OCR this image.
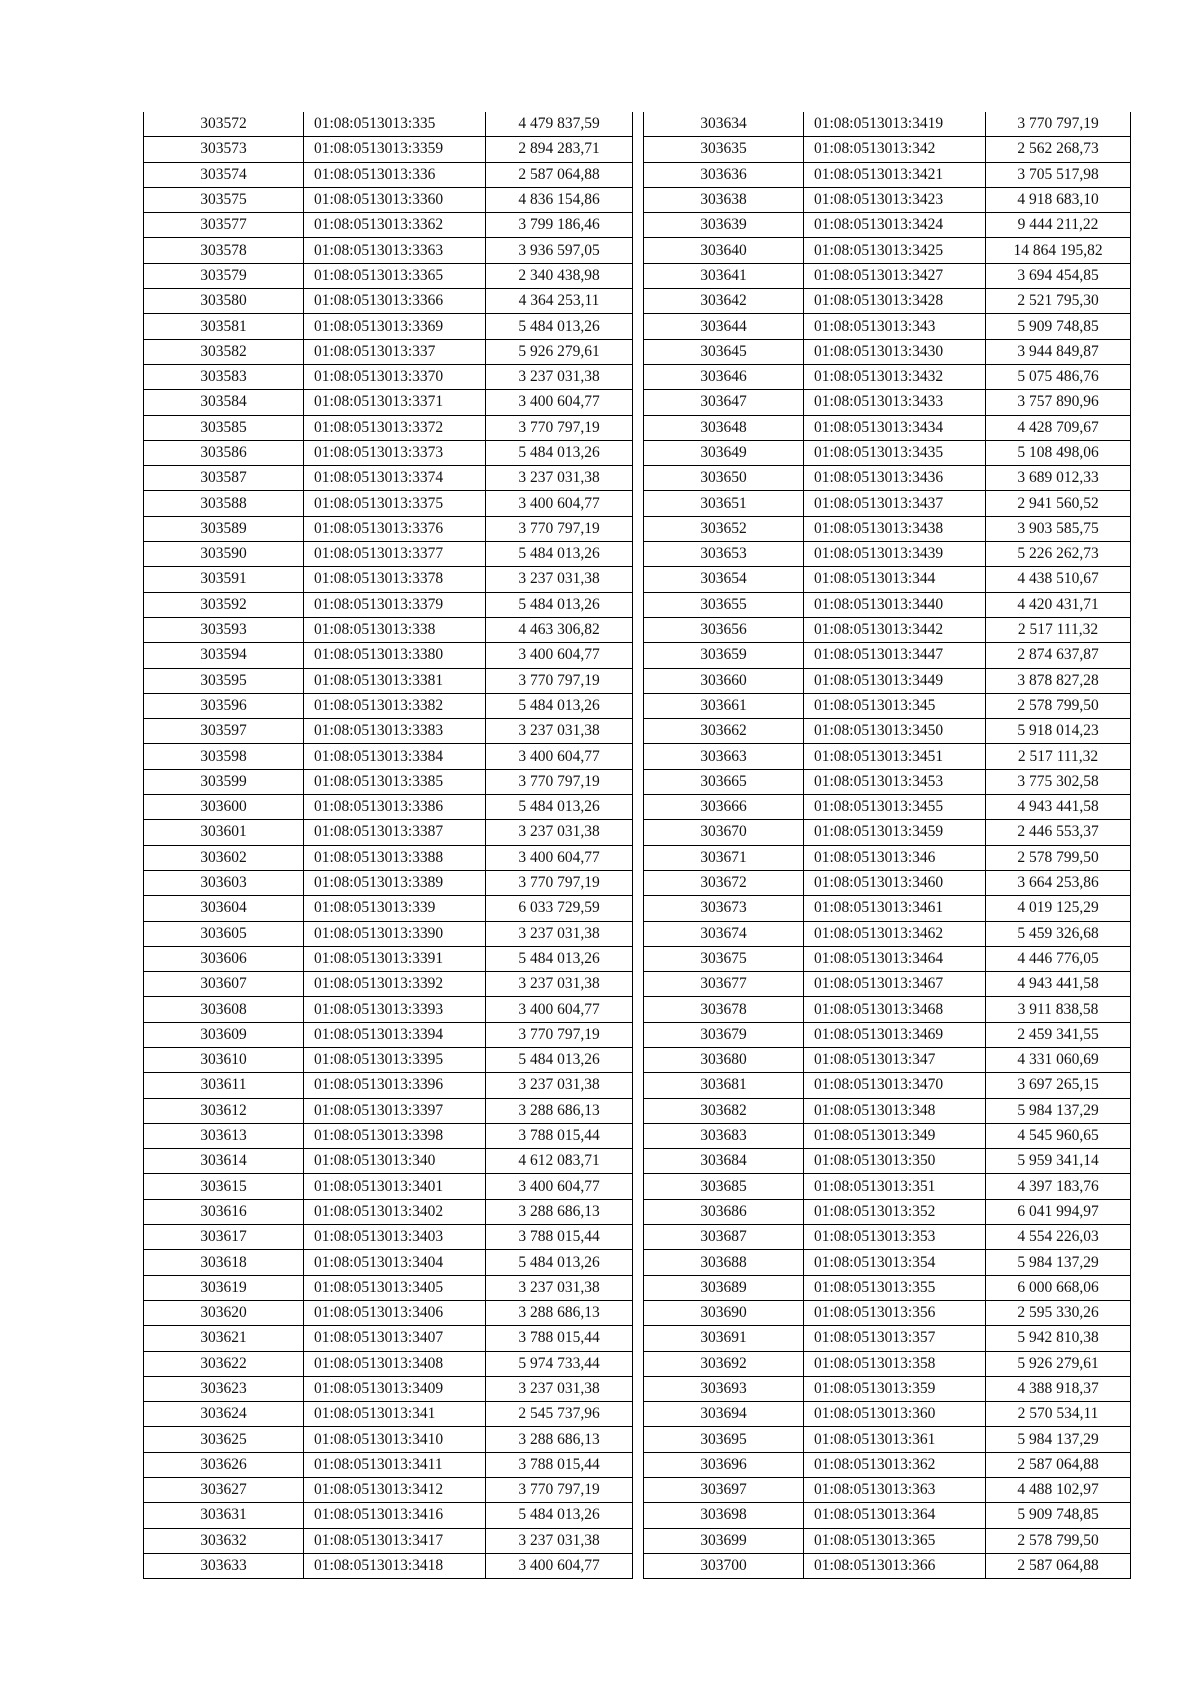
303572	01:08:0513013:335	4 479 837,59
303573	01:08:0513013:3359	2 894 283,71
303574	01:08:0513013:336	2 587 064,88
303575	01:08:0513013:3360	4 836 154,86
303577	01:08:0513013:3362	3 799 186,46
303578	01:08:0513013:3363	3 936 597,05
303579	01:08:0513013:3365	2 340 438,98
303580	01:08:0513013:3366	4 364 253,11
303581	01:08:0513013:3369	5 484 013,26
303582	01:08:0513013:337	5 926 279,61
303583	01:08:0513013:3370	3 237 031,38
303584	01:08:0513013:3371	3 400 604,77
303585	01:08:0513013:3372	3 770 797,19
303586	01:08:0513013:3373	5 484 013,26
303587	01:08:0513013:3374	3 237 031,38
303588	01:08:0513013:3375	3 400 604,77
303589	01:08:0513013:3376	3 770 797,19
303590	01:08:0513013:3377	5 484 013,26
303591	01:08:0513013:3378	3 237 031,38
303592	01:08:0513013:3379	5 484 013,26
303593	01:08:0513013:338	4 463 306,82
303594	01:08:0513013:3380	3 400 604,77
303595	01:08:0513013:3381	3 770 797,19
303596	01:08:0513013:3382	5 484 013,26
303597	01:08:0513013:3383	3 237 031,38
303598	01:08:0513013:3384	3 400 604,77
303599	01:08:0513013:3385	3 770 797,19
303600	01:08:0513013:3386	5 484 013,26
303601	01:08:0513013:3387	3 237 031,38
303602	01:08:0513013:3388	3 400 604,77
303603	01:08:0513013:3389	3 770 797,19
303604	01:08:0513013:339	6 033 729,59
303605	01:08:0513013:3390	3 237 031,38
303606	01:08:0513013:3391	5 484 013,26
303607	01:08:0513013:3392	3 237 031,38
303608	01:08:0513013:3393	3 400 604,77
303609	01:08:0513013:3394	3 770 797,19
303610	01:08:0513013:3395	5 484 013,26
303611	01:08:0513013:3396	3 237 031,38
303612	01:08:0513013:3397	3 288 686,13
303613	01:08:0513013:3398	3 788 015,44
303614	01:08:0513013:340	4 612 083,71
303615	01:08:0513013:3401	3 400 604,77
303616	01:08:0513013:3402	3 288 686,13
303617	01:08:0513013:3403	3 788 015,44
303618	01:08:0513013:3404	5 484 013,26
303619	01:08:0513013:3405	3 237 031,38
303620	01:08:0513013:3406	3 288 686,13
303621	01:08:0513013:3407	3 788 015,44
303622	01:08:0513013:3408	5 974 733,44
303623	01:08:0513013:3409	3 237 031,38
303624	01:08:0513013:341	2 545 737,96
303625	01:08:0513013:3410	3 288 686,13
303626	01:08:0513013:3411	3 788 015,44
303627	01:08:0513013:3412	3 770 797,19
303631	01:08:0513013:3416	5 484 013,26
303632	01:08:0513013:3417	3 237 031,38
303633	01:08:0513013:3418	3 400 604,77
303634	01:08:0513013:3419	3 770 797,19
303635	01:08:0513013:342	2 562 268,73
303636	01:08:0513013:3421	3 705 517,98
303638	01:08:0513013:3423	4 918 683,10
303639	01:08:0513013:3424	9 444 211,22
303640	01:08:0513013:3425	14 864 195,82
303641	01:08:0513013:3427	3 694 454,85
303642	01:08:0513013:3428	2 521 795,30
303644	01:08:0513013:343	5 909 748,85
303645	01:08:0513013:3430	3 944 849,87
303646	01:08:0513013:3432	5 075 486,76
303647	01:08:0513013:3433	3 757 890,96
303648	01:08:0513013:3434	4 428 709,67
303649	01:08:0513013:3435	5 108 498,06
303650	01:08:0513013:3436	3 689 012,33
303651	01:08:0513013:3437	2 941 560,52
303652	01:08:0513013:3438	3 903 585,75
303653	01:08:0513013:3439	5 226 262,73
303654	01:08:0513013:344	4 438 510,67
303655	01:08:0513013:3440	4 420 431,71
303656	01:08:0513013:3442	2 517 111,32
303659	01:08:0513013:3447	2 874 637,87
303660	01:08:0513013:3449	3 878 827,28
303661	01:08:0513013:345	2 578 799,50
303662	01:08:0513013:3450	5 918 014,23
303663	01:08:0513013:3451	2 517 111,32
303665	01:08:0513013:3453	3 775 302,58
303666	01:08:0513013:3455	4 943 441,58
303670	01:08:0513013:3459	2 446 553,37
303671	01:08:0513013:346	2 578 799,50
303672	01:08:0513013:3460	3 664 253,86
303673	01:08:0513013:3461	4 019 125,29
303674	01:08:0513013:3462	5 459 326,68
303675	01:08:0513013:3464	4 446 776,05
303677	01:08:0513013:3467	4 943 441,58
303678	01:08:0513013:3468	3 911 838,58
303679	01:08:0513013:3469	2 459 341,55
303680	01:08:0513013:347	4 331 060,69
303681	01:08:0513013:3470	3 697 265,15
303682	01:08:0513013:348	5 984 137,29
303683	01:08:0513013:349	4 545 960,65
303684	01:08:0513013:350	5 959 341,14
303685	01:08:0513013:351	4 397 183,76
303686	01:08:0513013:352	6 041 994,97
303687	01:08:0513013:353	4 554 226,03
303688	01:08:0513013:354	5 984 137,29
303689	01:08:0513013:355	6 000 668,06
303690	01:08:0513013:356	2 595 330,26
303691	01:08:0513013:357	5 942 810,38
303692	01:08:0513013:358	5 926 279,61
303693	01:08:0513013:359	4 388 918,37
303694	01:08:0513013:360	2 570 534,11
303695	01:08:0513013:361	5 984 137,29
303696	01:08:0513013:362	2 587 064,88
303697	01:08:0513013:363	4 488 102,97
303698	01:08:0513013:364	5 909 748,85
303699	01:08:0513013:365	2 578 799,50
303700	01:08:0513013:366	2 587 064,88
